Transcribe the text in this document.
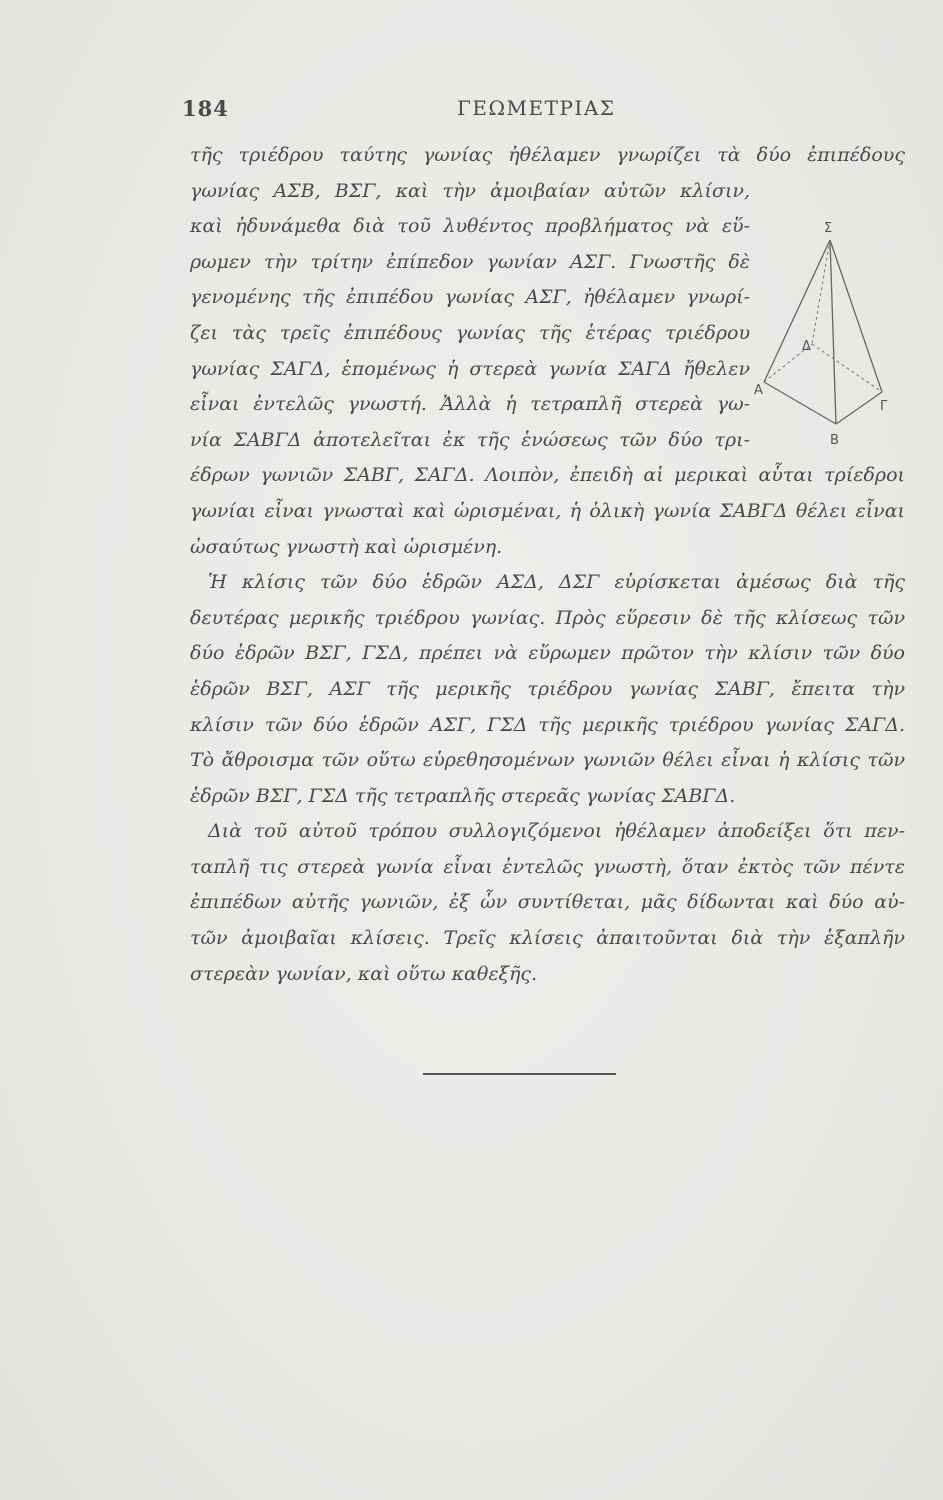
184	ΓΕΩΜΕΤΡΙΑΣ
Σ
Α
Γ
Β
Δ
τῆς τριέδρου ταύτης γωνίας ἠθέλαμεν γνωρίζει τὰ δύο ἐπιπέδους
γωνίας ΑΣΒ, ΒΣΓ, καὶ τὴν ἀμοιβαίαν αὐτῶν κλίσιν,
καὶ ἠδυνάμεθα διὰ τοῦ λυθέντος προβλήματος νὰ εὕ-
ρωμεν τὴν τρίτην ἐπίπεδον γωνίαν ΑΣΓ. Γνωστῆς δὲ
γενομένης τῆς ἐπιπέδου γωνίας ΑΣΓ, ἠθέλαμεν γνωρί-
ζει τὰς τρεῖς ἐπιπέδους γωνίας τῆς ἑτέρας τριέδρου
γωνίας ΣΑΓΔ, ἑπομένως ἡ στερεὰ γωνία ΣΑΓΔ ἤθελεν
εἶναι ἐντελῶς γνωστή. Ἀλλὰ ἡ τετραπλῆ στερεὰ γω-
νία ΣΑΒΓΔ ἀποτελεῖται ἐκ τῆς ἑνώσεως τῶν δύο τρι-
έδρων γωνιῶν ΣΑΒΓ, ΣΑΓΔ. Λοιπὸν, ἐπειδὴ αἱ μερικαὶ αὗται τρίεδροι
γωνίαι εἶναι γνωσταὶ καὶ ὡρισμέναι, ἡ ὁλικὴ γωνία ΣΑΒΓΔ θέλει εἶναι
ὡσαύτως γνωστὴ καὶ ὡρισμένη.
Ἡ κλίσις τῶν δύο ἑδρῶν ΑΣΔ, ΔΣΓ εὑρίσκεται ἀμέσως διὰ τῆς
δευτέρας μερικῆς τριέδρου γωνίας. Πρὸς εὕρεσιν δὲ τῆς κλίσεως τῶν
δύο ἑδρῶν ΒΣΓ, ΓΣΔ, πρέπει νὰ εὕρωμεν πρῶτον τὴν κλίσιν τῶν δύο
ἑδρῶν ΒΣΓ, ΑΣΓ τῆς μερικῆς τριέδρου γωνίας ΣΑΒΓ, ἔπειτα τὴν
κλίσιν τῶν δύο ἑδρῶν ΑΣΓ, ΓΣΔ τῆς μερικῆς τριέδρου γωνίας ΣΑΓΔ.
Τὸ ἄθροισμα τῶν οὕτω εὑρεθησομένων γωνιῶν θέλει εἶναι ἡ κλίσις τῶν
ἑδρῶν ΒΣΓ, ΓΣΔ τῆς τετραπλῆς στερεᾶς γωνίας ΣΑΒΓΔ.
Διὰ τοῦ αὐτοῦ τρόπου συλλογιζόμενοι ἠθέλαμεν ἀποδείξει ὅτι πεν-
ταπλῆ τις στερεὰ γωνία εἶναι ἐντελῶς γνωστὴ, ὅταν ἐκτὸς τῶν πέντε
ἐπιπέδων αὐτῆς γωνιῶν, ἐξ ὧν συντίθεται, μᾶς δίδωνται καὶ δύο αὐ-
τῶν ἀμοιβαῖαι κλίσεις. Τρεῖς κλίσεις ἀπαιτοῦνται διὰ τὴν ἑξαπλῆν
στερεὰν γωνίαν, καὶ οὕτω καθεξῆς.
